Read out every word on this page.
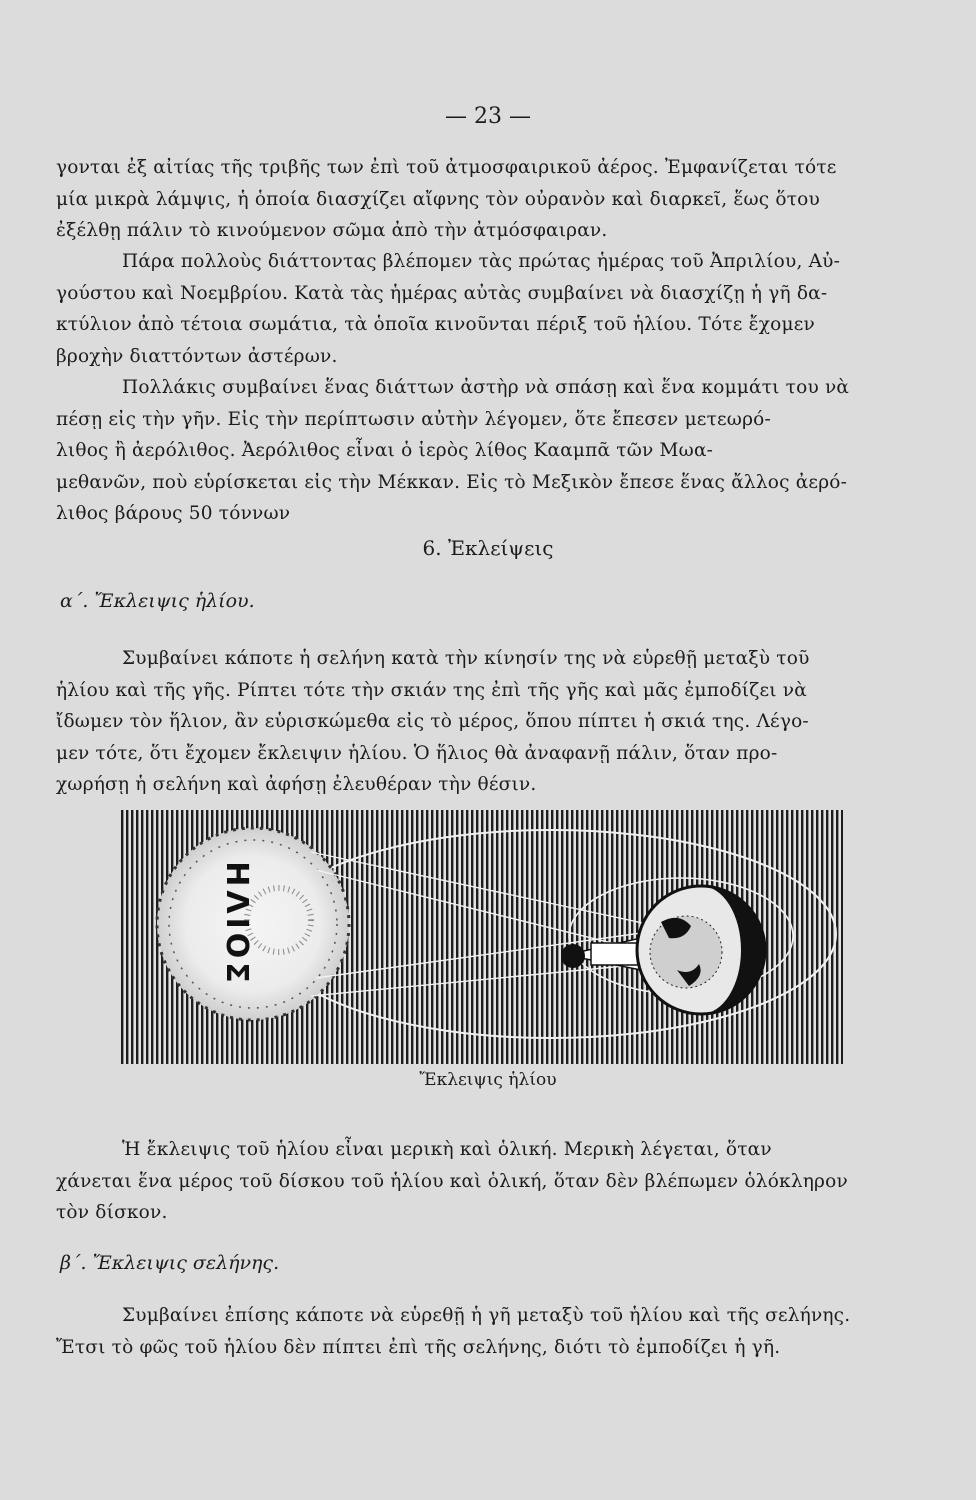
— 23 —

γονται ἐξ αἰτίας τῆς τριβῆς των ἐπὶ τοῦ ἀτμοσφαιρικοῦ ἀέρος. Ἐμφανίζεται τότε

μία μικρὰ λάμψις, ἡ ὁποία διασχίζει αἴφνης τὸν οὐρανὸν καὶ διαρκεῖ, ἕως ὅτου

ἐξέλθῃ πάλιν τὸ κινούμενον σῶμα ἀπὸ τὴν ἀτμόσφαιραν.

Πάρα πολλοὺς διάττοντας βλέπομεν τὰς πρώτας ἡμέρας τοῦ Ἀπριλίου, Αὐ-

γούστου καὶ Νοεμβρίου. Κατὰ τὰς ἡμέρας αὐτὰς συμβαίνει νὰ διασχίζῃ ἡ γῆ δα-

κτύλιον ἀπὸ τέτοια σωμάτια, τὰ ὁποῖα κινοῦνται πέριξ τοῦ ἡλίου. Τότε ἔχομεν

βροχὴν διαττόντων ἀστέρων.

Πολλάκις συμβαίνει ἕνας διάττων ἀστὴρ νὰ σπάσῃ καὶ ἕνα κομμάτι του νὰ

πέσῃ εἰς τὴν γῆν. Εἰς τὴν περίπτωσιν αὐτὴν λέγομεν, ὅτε ἔπεσεν μετεωρό-

λιθος ἢ ἀερόλιθος. Ἀερόλιθος εἶναι ὁ ἱερὸς λίθος Κααμπᾶ τῶν Μωα-

μεθανῶν, ποὺ εὑρίσκεται εἰς τὴν Μέκκαν. Εἰς τὸ Μεξικὸν ἔπεσε ἕνας ἄλλος ἀερό-

λιθος βάρους 50 τόννων

6. Ἐκλείψεις
α΄. Ἔκλειψις ἡλίου.

Συμβαίνει κάποτε ἡ σελήνη κατὰ τὴν κίνησίν της νὰ εὑρεθῇ μεταξὺ τοῦ

ἡλίου καὶ τῆς γῆς. Ρίπτει τότε τὴν σκιάν της ἐπὶ τῆς γῆς καὶ μᾶς ἐμποδίζει νὰ

ἴδωμεν τὸν ἥλιον, ἂν εὑρισκώμεθα εἰς τὸ μέρος, ὅπου πίπτει ἡ σκιά της. Λέγο-

μεν τότε, ὅτι ἔχομεν ἔκλειψιν ἡλίου. Ὁ ἥλιος θὰ ἀναφανῇ πάλιν, ὅταν προ-

χωρήσῃ ἡ σελήνη καὶ ἀφήσῃ ἐλευθέραν τὴν θέσιν.

ΗΛΙΟΣ
Ἔκλειψις ἡλίου

Ἡ ἔκλειψις τοῦ ἡλίου εἶναι μερικὴ καὶ ὁλική. Μερικὴ λέγεται, ὅταν

χάνεται ἕνα μέρος τοῦ δίσκου τοῦ ἡλίου καὶ ὁλική, ὅταν δὲν βλέπωμεν ὁλόκληρον

τὸν δίσκον.

β΄. Ἔκλειψις σελήνης.

Συμβαίνει ἐπίσης κάποτε νὰ εὑρεθῇ ἡ γῆ μεταξὺ τοῦ ἡλίου καὶ τῆς σελήνης.

Ἔτσι τὸ φῶς τοῦ ἡλίου δὲν πίπτει ἐπὶ τῆς σελήνης, διότι τὸ ἐμποδίζει ἡ γῆ.
